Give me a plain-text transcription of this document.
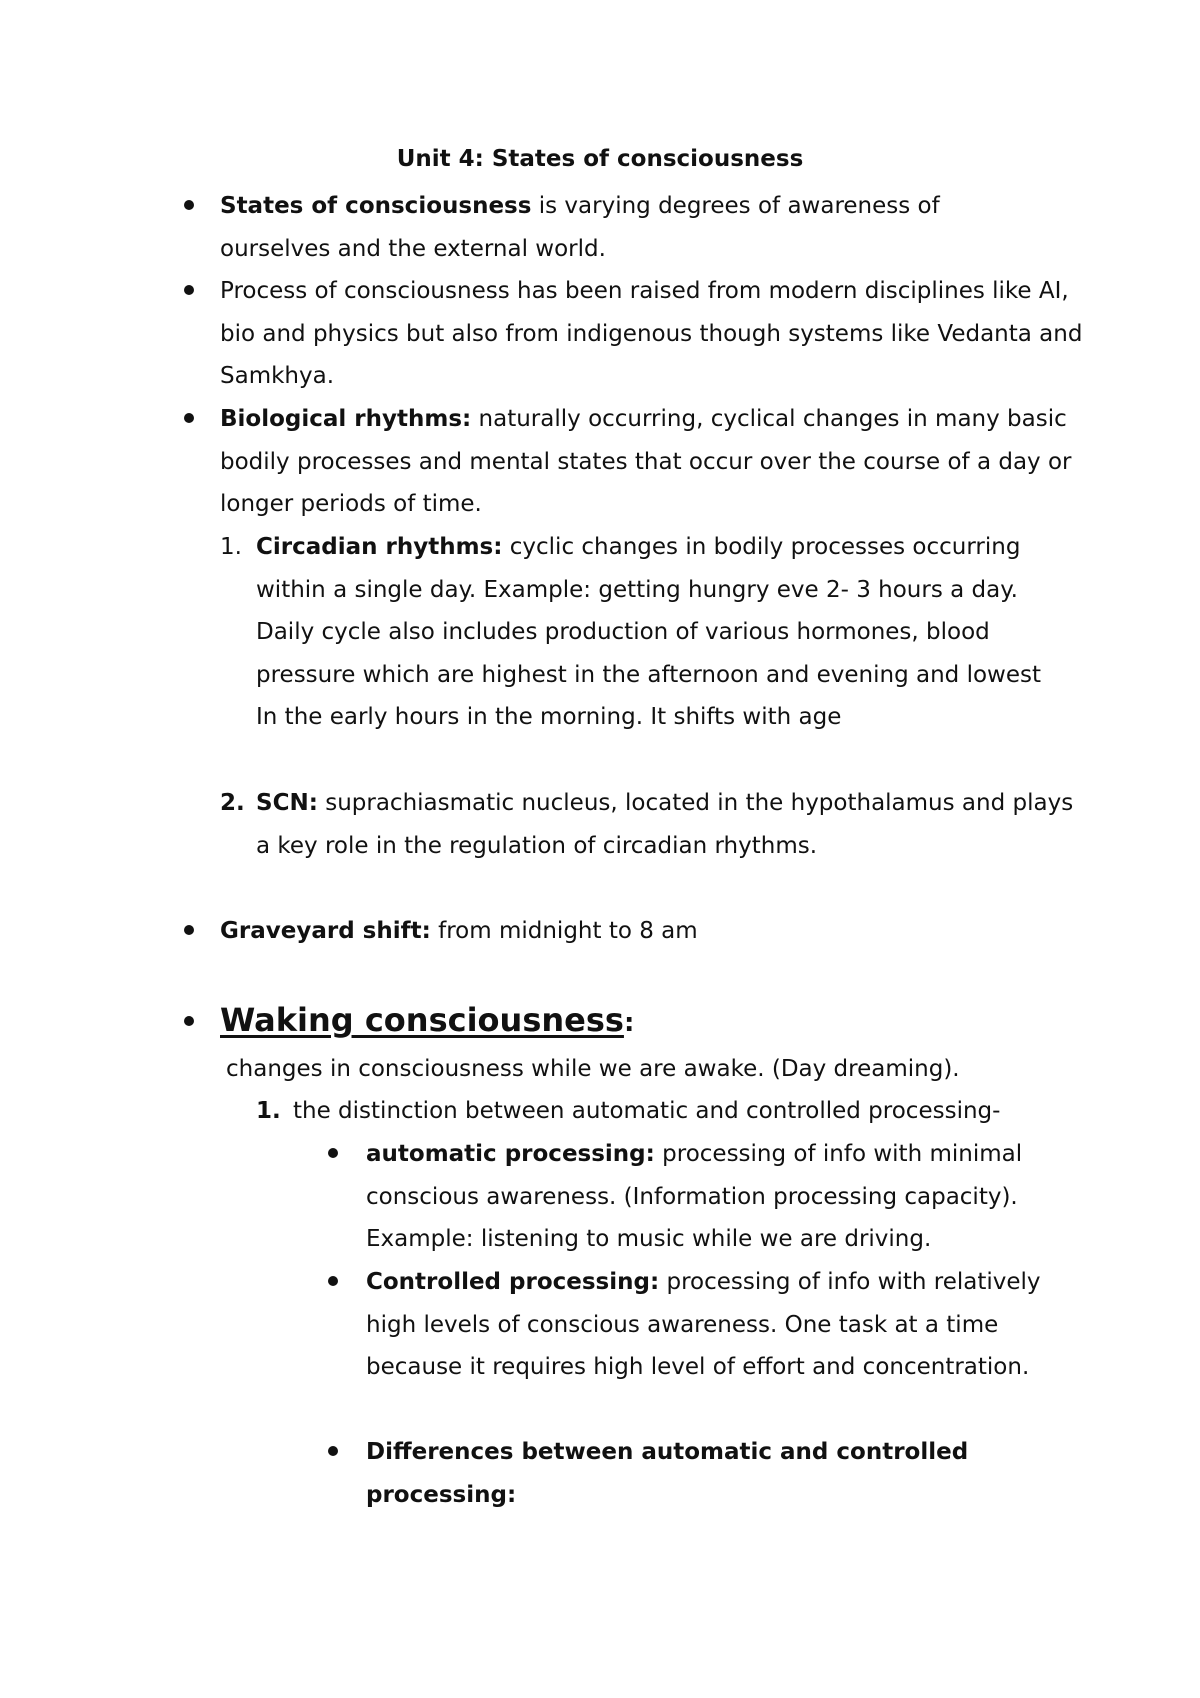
Unit 4: States of consciousness
States of consciousness is varying degrees of awareness of ourselves and the external world.
Process of consciousness has been raised from modern disciplines like AI, bio and physics but also from indigenous though systems like Vedanta and Samkhya.
Biological rhythms: naturally occurring, cyclical changes in many basic bodily processes and mental states that occur over the course of a day or longer periods of time.
1. Circadian rhythms: cyclic changes in bodily processes occurring within a single day. Example: getting hungry eve 2- 3 hours a day. Daily cycle also includes production of various hormones, blood pressure which are highest in the afternoon and evening and lowest In the early hours in the morning. It shifts with age
2. SCN: suprachiasmatic nucleus, located in the hypothalamus and plays a key role in the regulation of circadian rhythms.
Graveyard shift: from midnight to 8 am
Waking consciousness:
changes in consciousness while we are awake. (Day dreaming).
1. the distinction between automatic and controlled processing-
automatic processing: processing of info with minimal conscious awareness. (Information processing capacity). Example: listening to music while we are driving.
Controlled processing: processing of info with relatively high levels of conscious awareness. One task at a time because it requires high level of effort and concentration.
Differences between automatic and controlled processing:
